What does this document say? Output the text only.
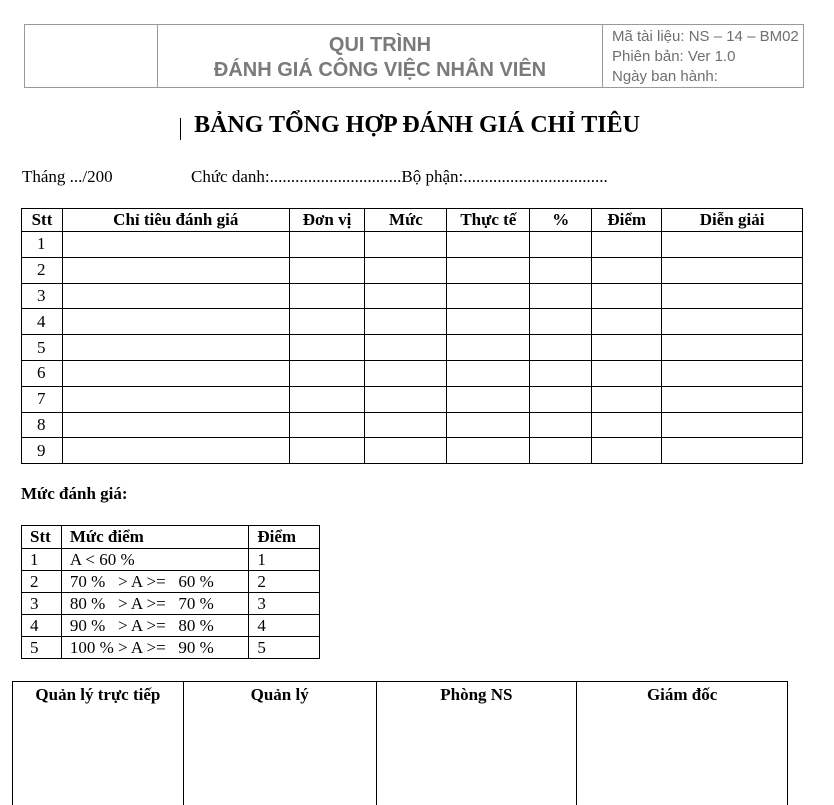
QUI TRÌNH
ĐÁNH GIÁ CÔNG VIỆC NHÂN VIÊN
Mã tài liệu: NS – 14 – BM02
Phiên bản: Ver 1.0
Ngày ban hành:
BẢNG TỔNG HỢP ĐÁNH GIÁ CHỈ TIÊU
Tháng .../200	Chức danh:...............................Bộ phận:..................................
Stt	Chỉ tiêu đánh giá	Đơn vị	Mức	Thực tế	%	Điểm	Diễn giải
1							
2							
3							
4							
5							
6							
7							
8							
9							
Mức đánh giá:
Stt	Mức điểm	Điểm
1	A < 60 %	1
2	70 %   > A >=   60 %	2
3	80 %   > A >=   70 %	3
4	90 %   > A >=   80 %	4
5	100 % > A >=   90 %	5
Quản lý trực tiếp	Quản lý	Phòng NS	Giám đốc
